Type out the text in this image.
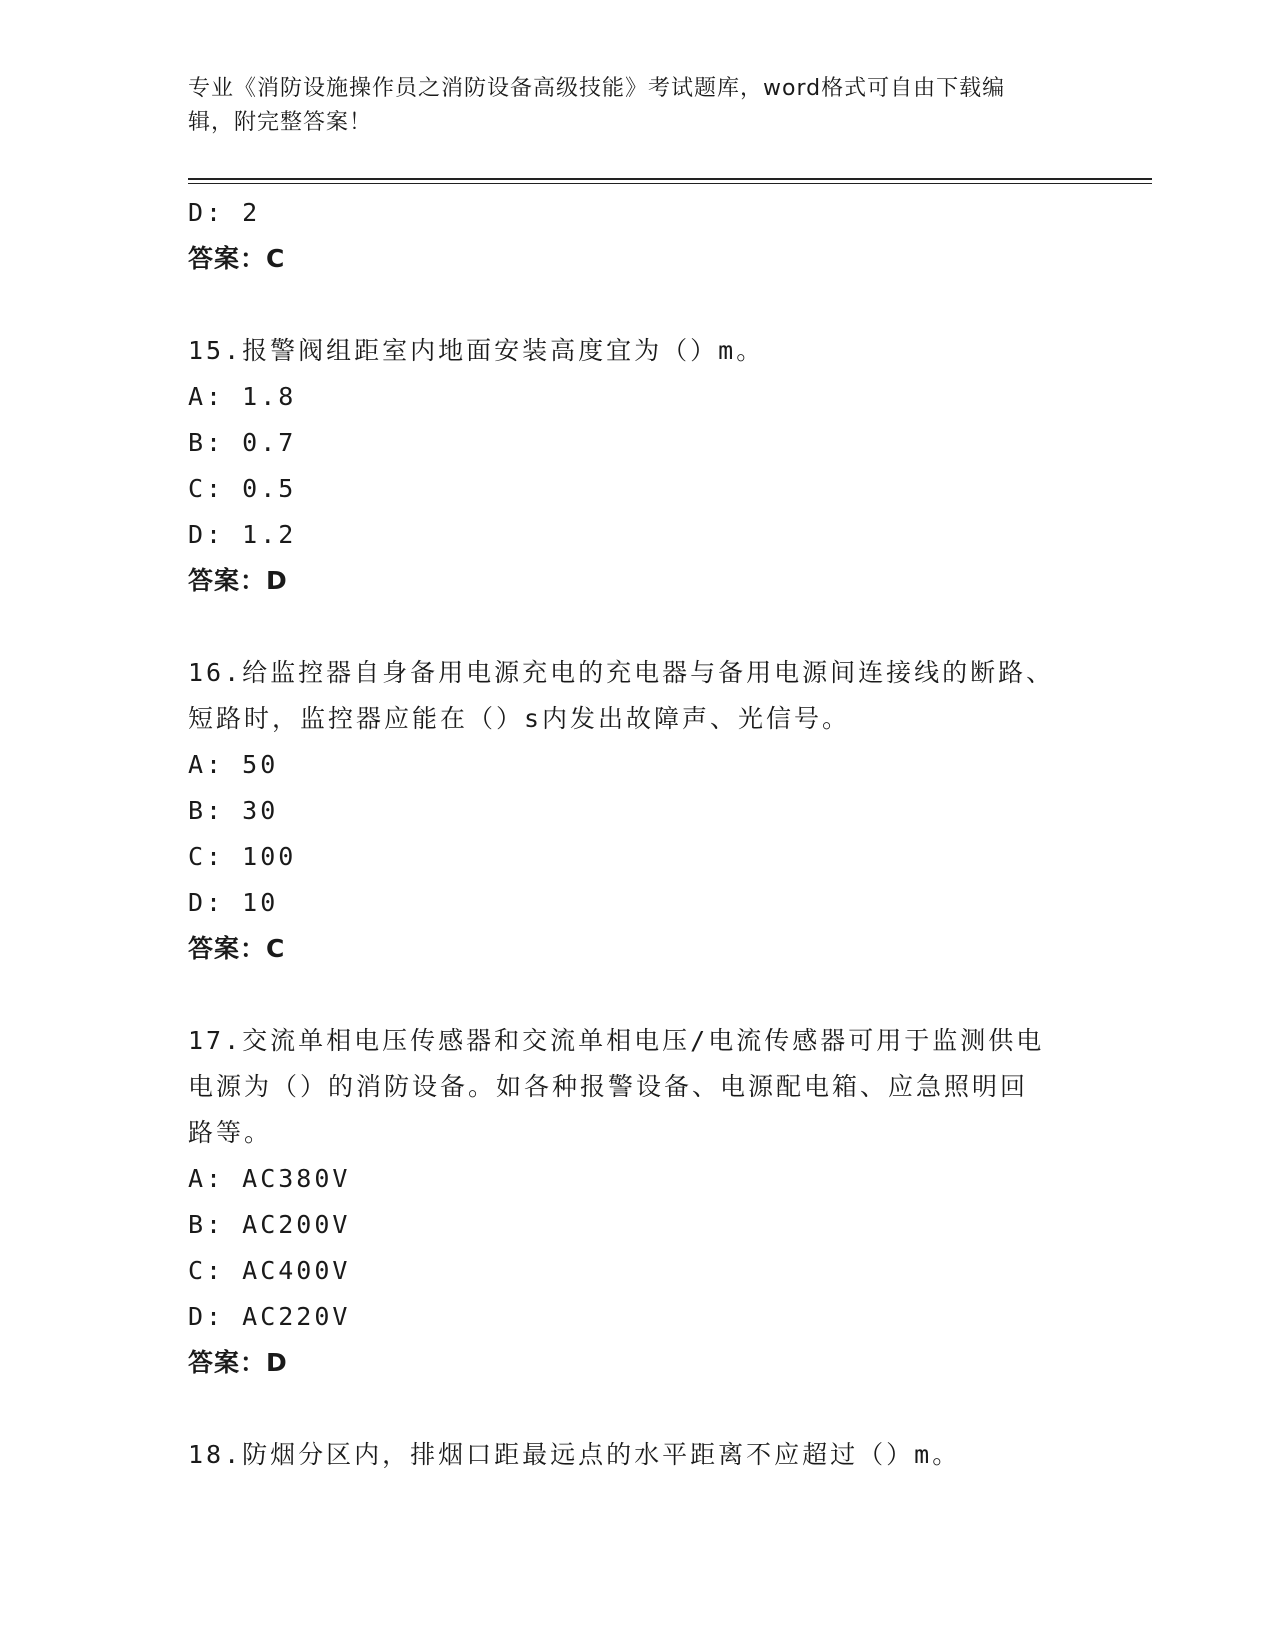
专业《消防设施操作员之消防设备高级技能》考试题库，word格式可自由下载编
辑，附完整答案！
D: 2
答案：C
15.报警阀组距室内地面安装高度宜为（）m。
A: 1.8
B: 0.7
C: 0.5
D: 1.2
答案：D
16.给监控器自身备用电源充电的充电器与备用电源间连接线的断路、
短路时，监控器应能在（）s内发出故障声、光信号。
A: 50
B: 30
C: 100
D: 10
答案：C
17.交流单相电压传感器和交流单相电压/电流传感器可用于监测供电
电源为（）的消防设备。如各种报警设备、电源配电箱、应急照明回
路等。
A: AC380V
B: AC200V
C: AC400V
D: AC220V
答案：D
18.防烟分区内，排烟口距最远点的水平距离不应超过（）m。
